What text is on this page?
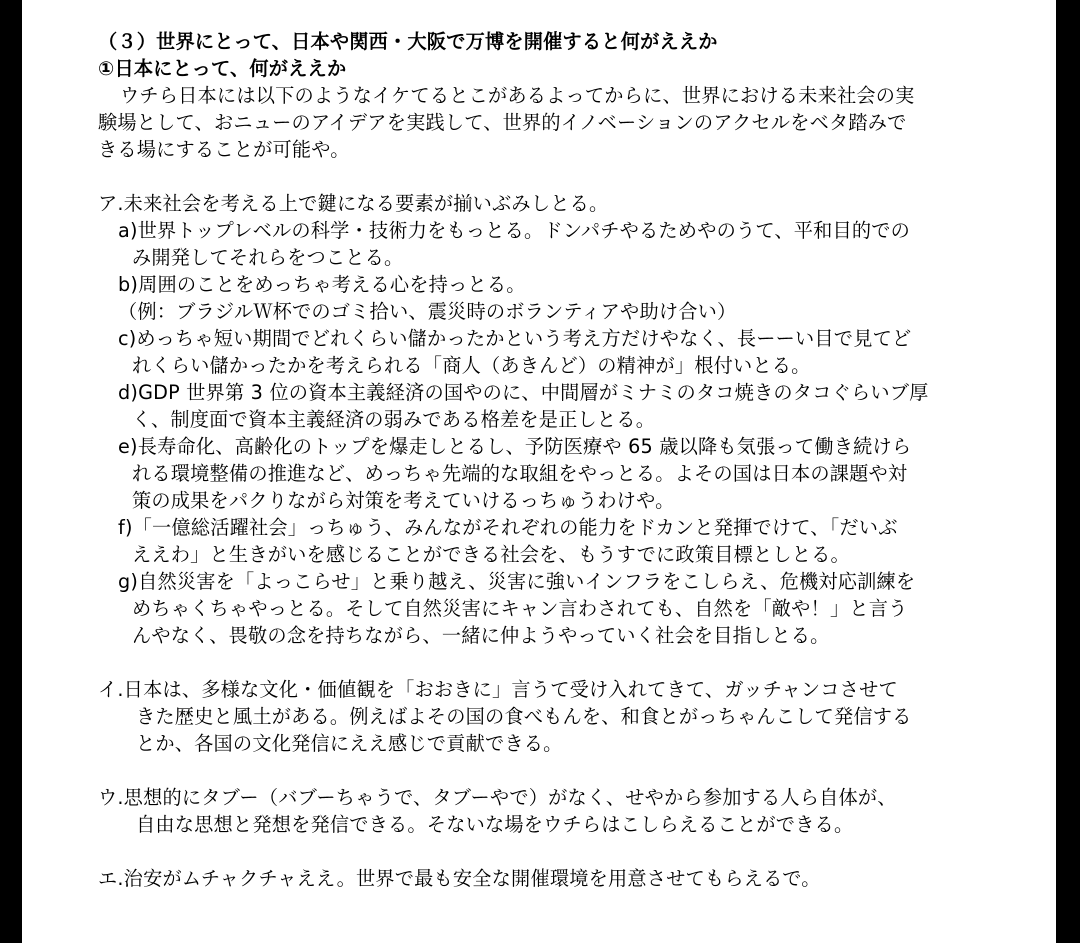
（３）世界にとって、日本や関西・大阪で万博を開催すると何がええか
①日本にとって、何がええか
ウチら日本には以下のようなイケてるとこがあるよってからに、世界における未来社会の実
験場として、おニューのアイデアを実践して、世界的イノベーションのアクセルをベタ踏みで
きる場にすることが可能や。
ア.未来社会を考える上で鍵になる要素が揃いぶみしとる。
a)世界トップレベルの科学・技術力をもっとる。ドンパチやるためやのうて、平和目的での
み開発してそれらをつことる。
b)周囲のことをめっちゃ考える心を持っとる。
（例：ブラジルＷ杯でのゴミ拾い、震災時のボランティアや助け合い）
c)めっちゃ短い期間でどれくらい儲かったかという考え方だけやなく、長ーーい目で見てど
れくらい儲かったかを考えられる「商人（あきんど）の精神が」根付いとる。
d)GDP 世界第 3 位の資本主義経済の国やのに、中間層がミナミのタコ焼きのタコぐらいブ厚
く、制度面で資本主義経済の弱みである格差を是正しとる。
e)長寿命化、高齢化のトップを爆走しとるし、予防医療や 65 歳以降も気張って働き続けら
れる環境整備の推進など、めっちゃ先端的な取組をやっとる。よその国は日本の課題や対
策の成果をパクりながら対策を考えていけるっちゅうわけや。
f)「一億総活躍社会」っちゅう、みんながそれぞれの能力をドカンと発揮でけて、「だいぶ
ええわ」と生きがいを感じることができる社会を、もうすでに政策目標としとる。
g)自然災害を「よっこらせ」と乗り越え、災害に強いインフラをこしらえ、危機対応訓練を
めちゃくちゃやっとる。そして自然災害にキャン言わされても、自然を「敵や！」と言う
んやなく、畏敬の念を持ちながら、一緒に仲ようやっていく社会を目指しとる。
イ.日本は、多様な文化・価値観を「おおきに」言うて受け入れてきて、ガッチャンコさせて
きた歴史と風土がある。例えばよその国の食べもんを、和食とがっちゃんこして発信する
とか、各国の文化発信にええ感じで貢献できる。
ウ.思想的にタブー（バブーちゃうで、タブーやで）がなく、せやから参加する人ら自体が、
自由な思想と発想を発信できる。そないな場をウチらはこしらえることができる。
エ.治安がムチャクチャええ。世界で最も安全な開催環境を用意させてもらえるで。
